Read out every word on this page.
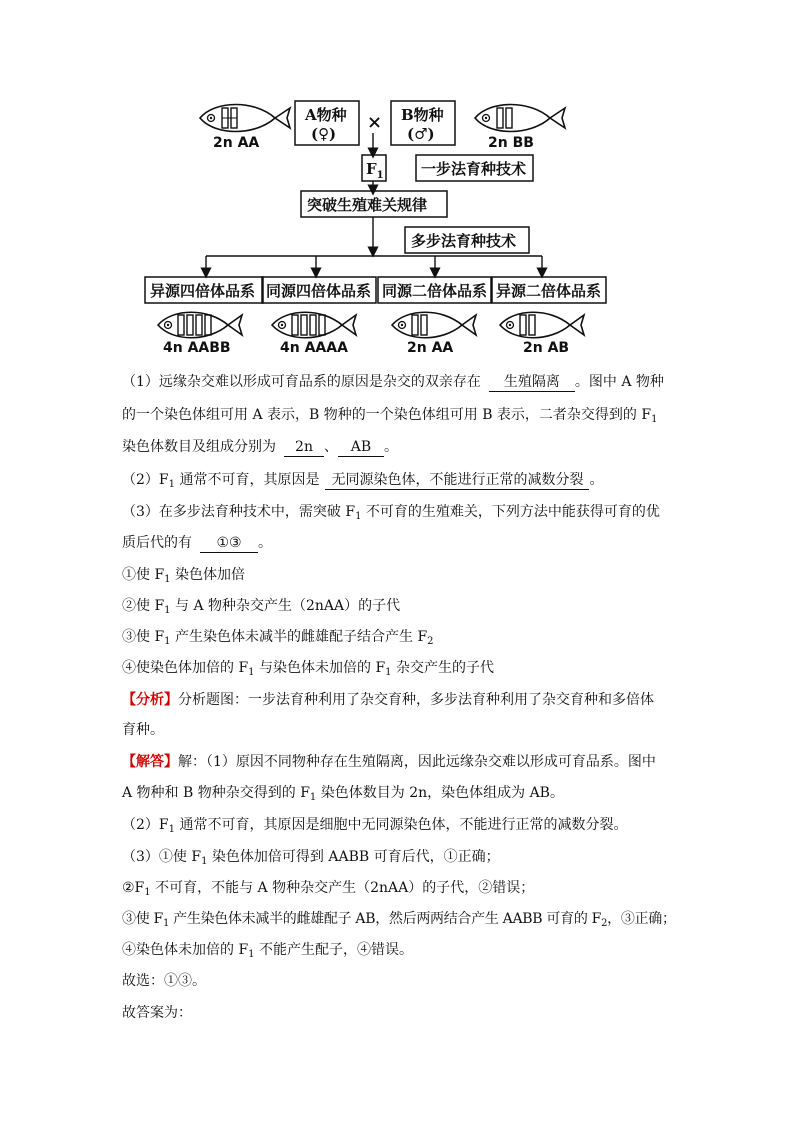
2n AA
A物种
(♀)
× B物种
(♂)	2n BB
$F_1$ 一步法育种技术
突破生殖难关规律
多步法育种技术
异源四倍体品系 同源四倍体品系 同源二倍体品系 异源二倍体品系
4n AABB	4n AAAA	2n AA	2n AB
（1）远缘杂交难以形成可育品系的原因是杂交的双亲存在 生殖隔离 。图中 A 物种
的一个染色体组可用 A 表示，B 物种的一个染色体组可用 B 表示，二者杂交得到的 $F_1$
染色体数目及组成分别为 2n 、 AB 。
$(2)F_1$ 通常不可育，其原因是 无同源染色体，不能进行正常的减数分裂 。
（3）在多步法育种技术中，需突破 $F_1$ 不可育的生殖难关，下列方法中能获得可育的优
质后代的有 ①③ 。
①使 $F_1$ 染色体加倍
②使 $F_1$ 与 A 物种杂交产生（2nAA）的子代
③使 $F_1$ 产生染色体未减半的雌雄配子结合产生 $F_2$
④使染色体加倍的 $F_1$ 与染色体未加倍的 $F_1$ 杂交产生的子代
【分析】分析题图：一步法育种利用了杂交育种，多步法育种利用了杂交育种和多倍体
育种。
【解答】解：（1）原因不同物种存在生殖隔离，因此远缘杂交难以形成可育品系。图中
A 物种和 B 物种杂交得到的 $F_1$ 染色体数目为 2n，染色体组成为 AB。
$(2)F_1$ 通常不可育，其原因是细胞中无同源染色体，不能进行正常的减数分裂。
（3）①使 $F_1$ 染色体加倍可得到 AABB 可育后代，①正确；
$②F_1$ 不可育，不能与 A 物种杂交产生（2nAA）的子代，②错误；
③使 $F_1$ 产生染色体未减半的雌雄配子 AB，然后两两结合产生 AABB 可育的 $F_2$，③正确；
④染色体未加倍的 $F_1$ 不能产生配子，④错误。
故选：①③。
故答案为：
